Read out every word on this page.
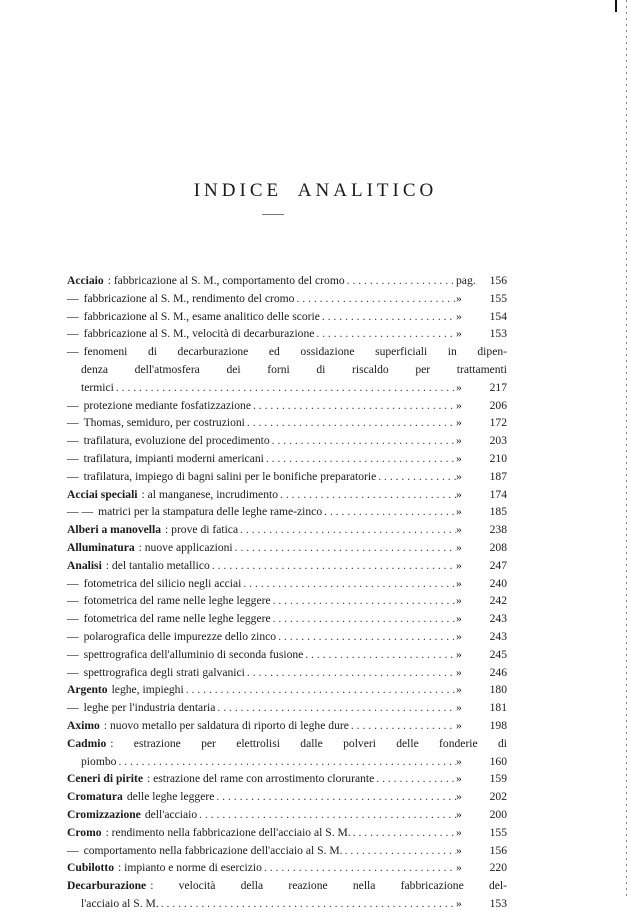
INDICE ANALITICO
Acciaio : fabbricazione al S. M., comportamento del cromo . . .	pag.	156
— fabbricazione al S. M., rendimento del cromo . . .	»	155
— fabbricazione al S. M., esame analitico delle scorie . . .	»	154
— fabbricazione al S. M., velocità di decarburazione . . .	»	153
— fenomeni di decarburazione ed ossidazione superficiali in dipen-
denza dell'atmosfera dei forni di riscaldo per trattamenti
termici . . .	»	217
— protezione mediante fosfatizzazione . . .	»	206
— Thomas, semiduro, per costruzioni . . .	»	172
— trafilatura, evoluzione del procedimento . . .	»	203
— trafilatura, impianti moderni americani . . .	»	210
— trafilatura, impiego di bagni salini per le bonifiche preparatorie . . .	»	187
Acciai speciali : al manganese, incrudimento . . .	»	174
— — matrici per la stampatura delle leghe rame-zinco . . .	»	185
Alberi a manovella : prove di fatica . . .	»	238
Alluminatura : nuove applicazioni . . .	»	208
Analisi : del tantalio metallico . . .	»	247
— fotometrica del silicio negli acciai . . .	»	240
— fotometrica del rame nelle leghe leggere . . .	»	242
— fotometrica del rame nelle leghe leggere . . .	»	243
— polarografica delle impurezze dello zinco . . .	»	243
— spettrografica dell'alluminio di seconda fusione . . .	»	245
— spettrografica degli strati galvanici . . .	»	246
Argento leghe, impieghi . . .	»	180
— leghe per l'industria dentaria . . .	»	181
Aximo : nuovo metallo per saldatura di riporto di leghe dure . . .	»	198
Cadmio : estrazione per elettrolisi dalle polveri delle fonderie di
piombo . . .	»	160
Ceneri di pirite : estrazione del rame con arrostimento clorurante . . .	»	159
Cromatura delle leghe leggere . . .	»	202
Cromizzazione dell'acciaio . . .	»	200
Cromo : rendimento nella fabbricazione dell'acciaio al S. M. . . .	»	155
— comportamento nella fabbricazione dell'acciaio al S. M. . . .	»	156
Cubilotto : impianto e norme di esercizio . . .	»	220
Decarburazione : velocità della reazione nella fabbricazione del-
l'acciaio al S. M. . . .	»	153
